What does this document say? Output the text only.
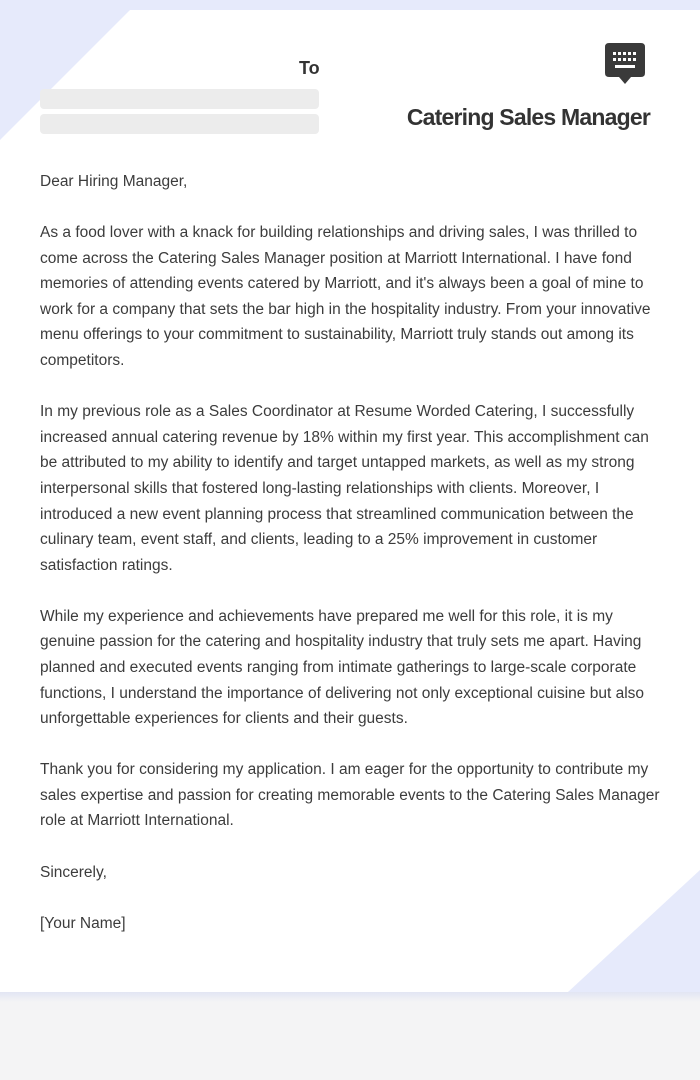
To
Catering Sales Manager

Dear Hiring Manager,

As a food lover with a knack for building relationships and driving sales, I was thrilled to come across the Catering Sales Manager position at Marriott International. I have fond memories of attending events catered by Marriott, and it's always been a goal of mine to work for a company that sets the bar high in the hospitality industry. From your innovative menu offerings to your commitment to sustainability, Marriott truly stands out among its competitors.

In my previous role as a Sales Coordinator at Resume Worded Catering, I successfully increased annual catering revenue by 18% within my first year. This accomplishment can be attributed to my ability to identify and target untapped markets, as well as my strong interpersonal skills that fostered long-lasting relationships with clients. Moreover, I introduced a new event planning process that streamlined communication between the culinary team, event staff, and clients, leading to a 25% improvement in customer satisfaction ratings.

While my experience and achievements have prepared me well for this role, it is my genuine passion for the catering and hospitality industry that truly sets me apart. Having planned and executed events ranging from intimate gatherings to large-scale corporate functions, I understand the importance of delivering not only exceptional cuisine but also unforgettable experiences for clients and their guests.

Thank you for considering my application. I am eager for the opportunity to contribute my sales expertise and passion for creating memorable events to the Catering Sales Manager role at Marriott International.

Sincerely,

[Your Name]
